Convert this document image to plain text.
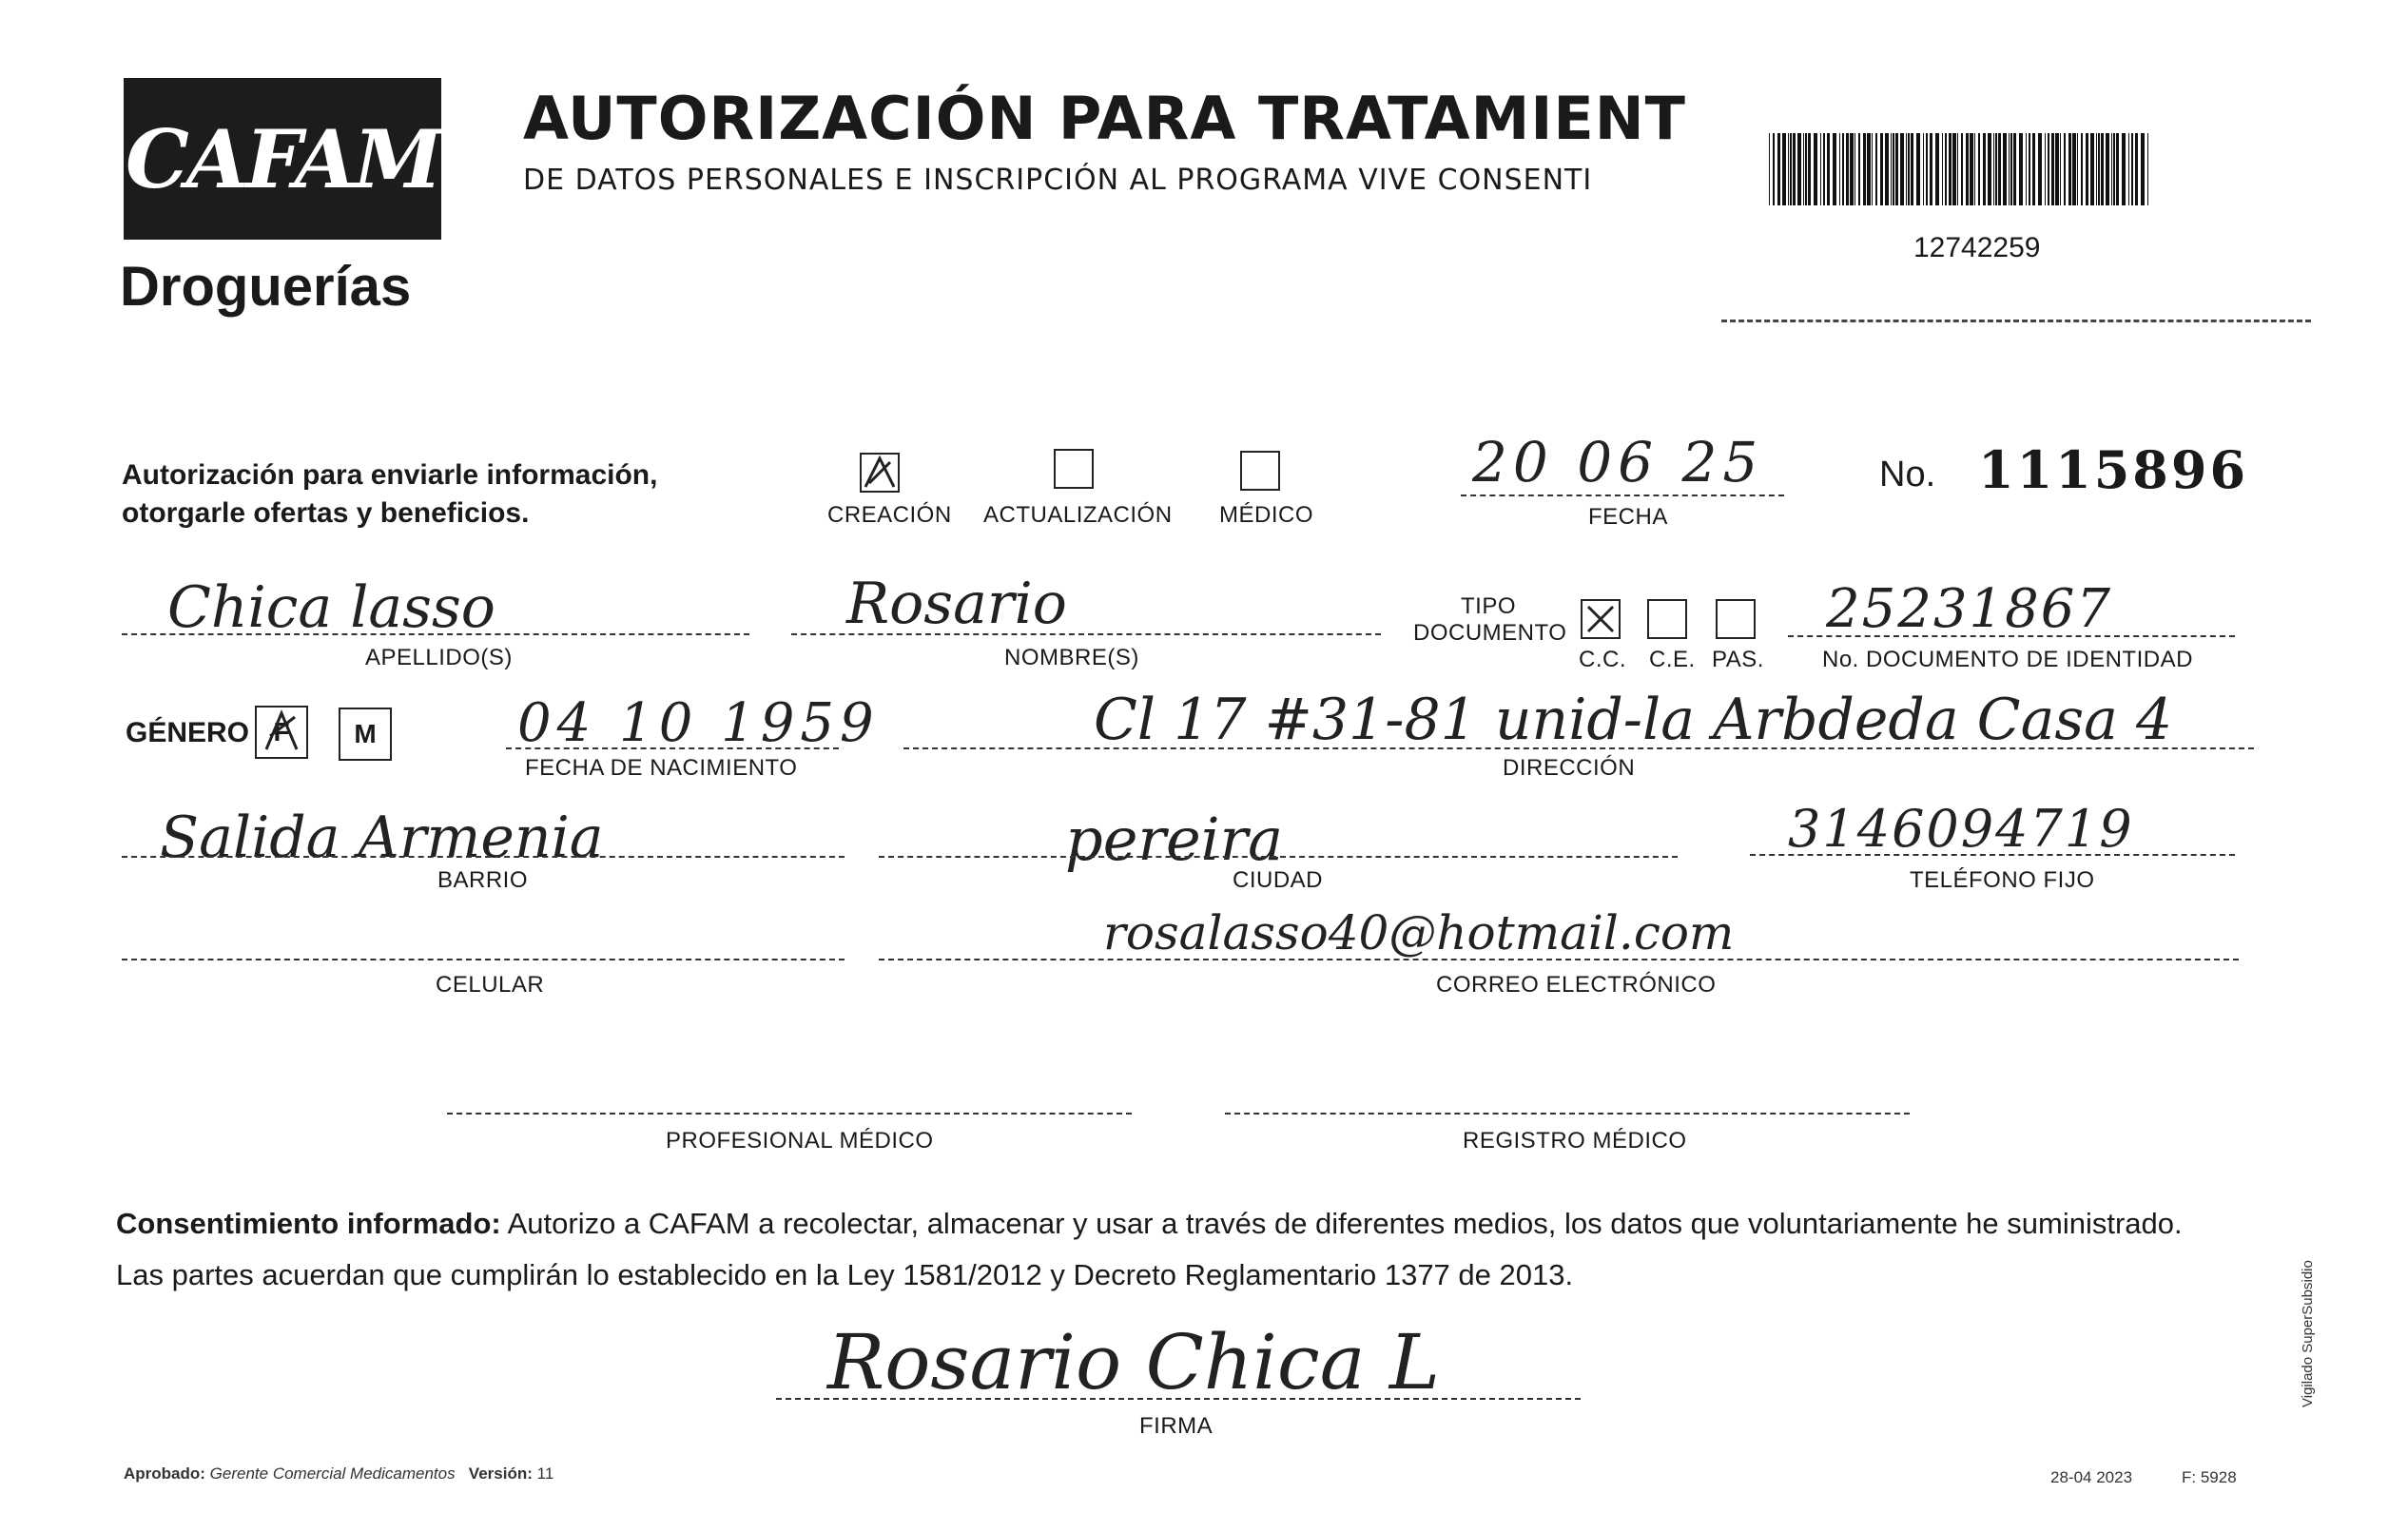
CAFAM
Droguerías
AUTORIZACIÓN PARA TRATAMIENT
DE DATOS PERSONALES E INSCRIPCIÓN AL PROGRAMA VIVE CONSENTI
12742259
Autorización para enviarle información,
otorgarle ofertas y beneficios.	CREACIÓN ACTUALIZACIÓN MÉDICO
20 06 25
FECHA
No. 1115896
Chica lasso
APELLIDO(S)
Rosario
NOMBRE(S)
TIPO
DOCUMENTO
C.C. C.E. PAS.
25231867
No. DOCUMENTO DE IDENTIDAD
GÉNERO F M	04 10 1959
FECHA DE NACIMIENTO
Cl 17 #31-81 unid-la Arbdeda Casa 4
DIRECCIÓN
Salida Armenia
BARRIO
pereira
CIUDAD
3146094719
TELÉFONO FIJO
CELULAR
rosalasso40@hotmail.com
CORREO ELECTRÓNICO
PROFESIONAL MÉDICO	REGISTRO MÉDICO
Consentimiento informado: Autorizo a CAFAM a recolectar, almacenar y usar a través de diferentes medios, los datos que voluntariamente he suministrado.
Las partes acuerdan que cumplirán lo establecido en la Ley 1581/2012 y Decreto Reglamentario 1377 de 2013.
Rosario Chica L
FIRMA
Aprobado: Gerente Comercial Medicamentos Versión: 11	28-04 2023	F: 5928
Vigilado SuperSubsidio
